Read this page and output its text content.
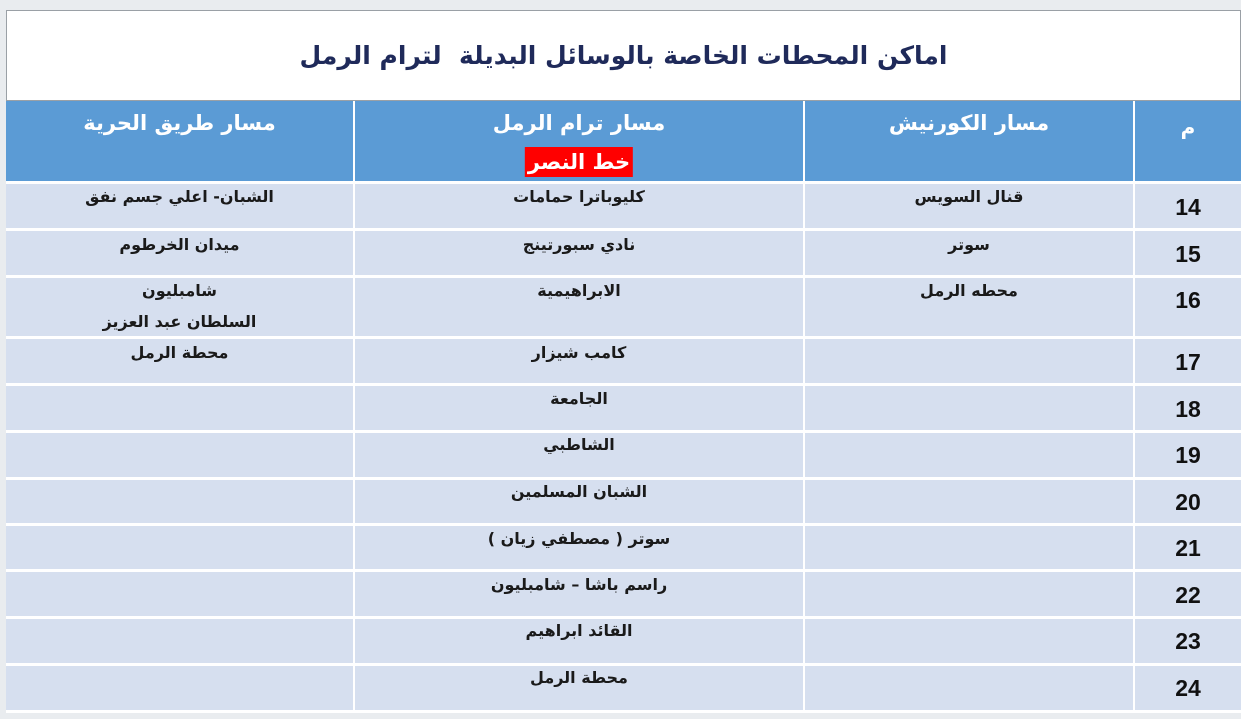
اماكن المحطات الخاصة بالوسائل البديلة  لترام الرمل
م
مسار الكورنيش
مسار ترام الرمل
خط النصر
مسار طريق الحرية
14
قنال السويس
كليوباترا حمامات
الشبان- اعلي جسم نفق
15
سوتر
نادي سبورتينج
ميدان الخرطوم
16
محطه الرمل
الابراهيمية
شامبليون
السلطان عبد العزيز
17
كامب شيزار
محطة الرمل
18
الجامعة
19
الشاطبي
20
الشبان المسلمين
21
سوتر ( مصطفي زيان )
22
راسم باشا – شامبليون
23
القائد ابراهيم
24
محطة الرمل
